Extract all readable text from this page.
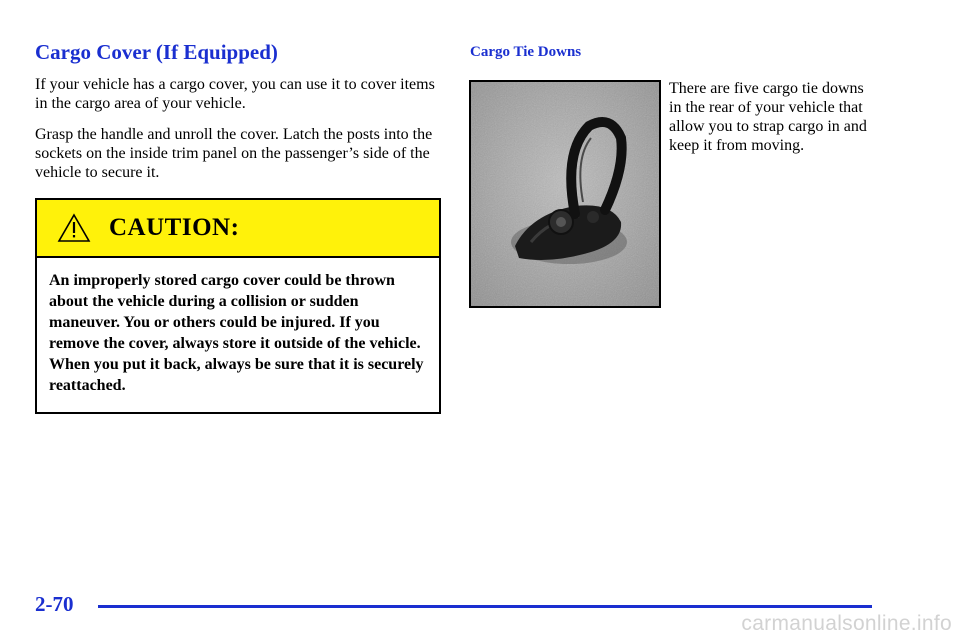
Cargo Cover (If Equipped)

If your vehicle has a cargo cover, you can use it to cover items in the cargo area of your vehicle.

Grasp the handle and unroll the cover. Latch the posts into the sockets on the inside trim panel on the passenger’s side of the vehicle to secure it.

CAUTION:

An improperly stored cargo cover could be thrown about the vehicle during a collision or sudden maneuver. You or others could be injured. If you remove the cover, always store it outside of the vehicle. When you put it back, always be sure that it is securely reattached.

Cargo Tie Downs

There are five cargo tie downs in the rear of your vehicle that allow you to strap cargo in and keep it from moving.

2-70
carmanualsonline.info
